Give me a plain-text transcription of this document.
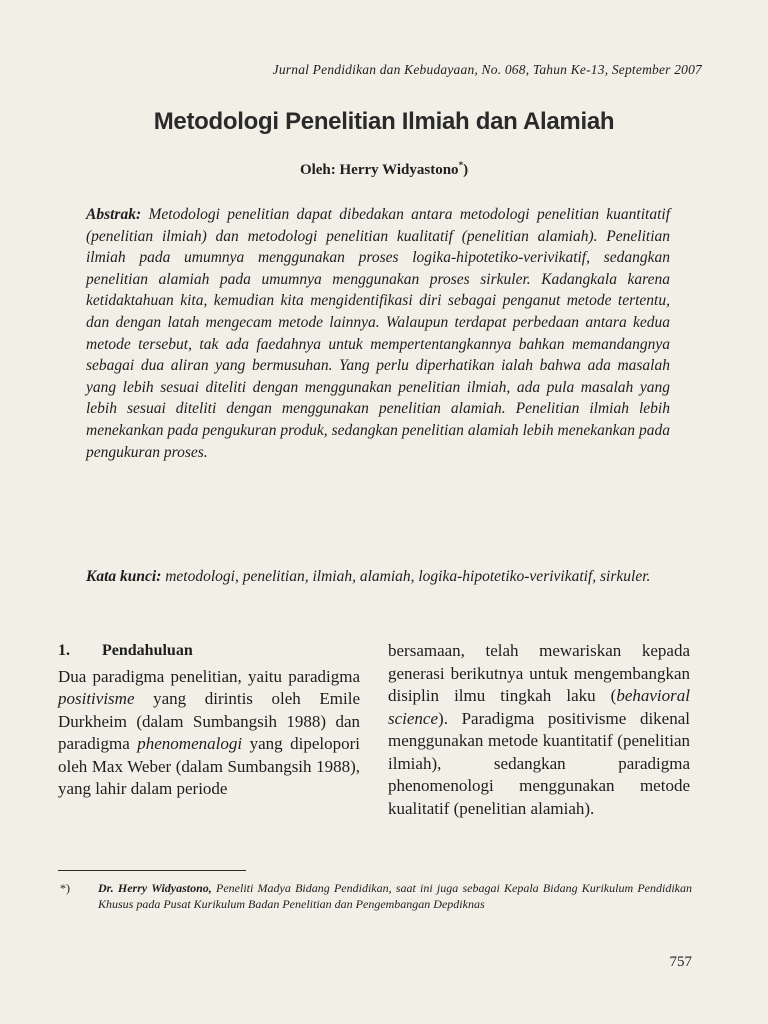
Jurnal Pendidikan dan Kebudayaan, No. 068, Tahun Ke-13, September 2007
Metodologi Penelitian Ilmiah dan Alamiah
Oleh: Herry Widyastono*)

Abstrak: Metodologi penelitian dapat dibedakan antara metodologi penelitian kuantitatif (penelitian ilmiah) dan metodologi penelitian kualitatif (penelitian alamiah). Penelitian ilmiah pada umumnya menggunakan proses logika-hipotetiko-verivikatif, sedangkan penelitian alamiah pada umumnya menggunakan proses sirkuler. Kadangkala karena ketidaktahuan kita, kemudian kita mengidentifikasi diri sebagai penganut metode tertentu, dan dengan latah mengecam metode lainnya. Walaupun terdapat perbedaan antara kedua metode tersebut, tak ada faedahnya untuk mempertentangkannya bahkan memandangnya sebagai dua aliran yang bermusuhan. Yang perlu diperhatikan ialah bahwa ada masalah yang lebih sesuai diteliti dengan menggunakan penelitian ilmiah, ada pula masalah yang lebih sesuai diteliti dengan menggunakan penelitian alamiah. Penelitian ilmiah lebih menekankan pada pengukuran produk, sedangkan penelitian alamiah lebih menekankan pada pengukuran proses.

Kata kunci: metodologi, penelitian, ilmiah, alamiah, logika-hipotetiko-verivikatif, sirkuler.

1. Pendahuluan

Dua paradigma penelitian, yaitu paradigma positivisme yang dirintis oleh Emile Durkheim (dalam Sumbangsih 1988) dan paradigma phenomenalogi yang dipelopori oleh Max Weber (dalam Sumbangsih 1988), yang lahir dalam periode

bersamaan, telah mewariskan kepada generasi berikutnya untuk mengembangkan disiplin ilmu tingkah laku (behavioral science). Paradigma positivisme dikenal menggunakan metode kuantitatif (penelitian ilmiah), sedangkan paradigma phenomenologi menggunakan metode kualitatif (penelitian alamiah).

*) Dr. Herry Widyastono, Peneliti Madya Bidang Pendidikan, saat ini juga sebagai Kepala Bidang Kurikulum Pendidikan Khusus pada Pusat Kurikulum Badan Penelitian dan Pengembangan Depdiknas
757
